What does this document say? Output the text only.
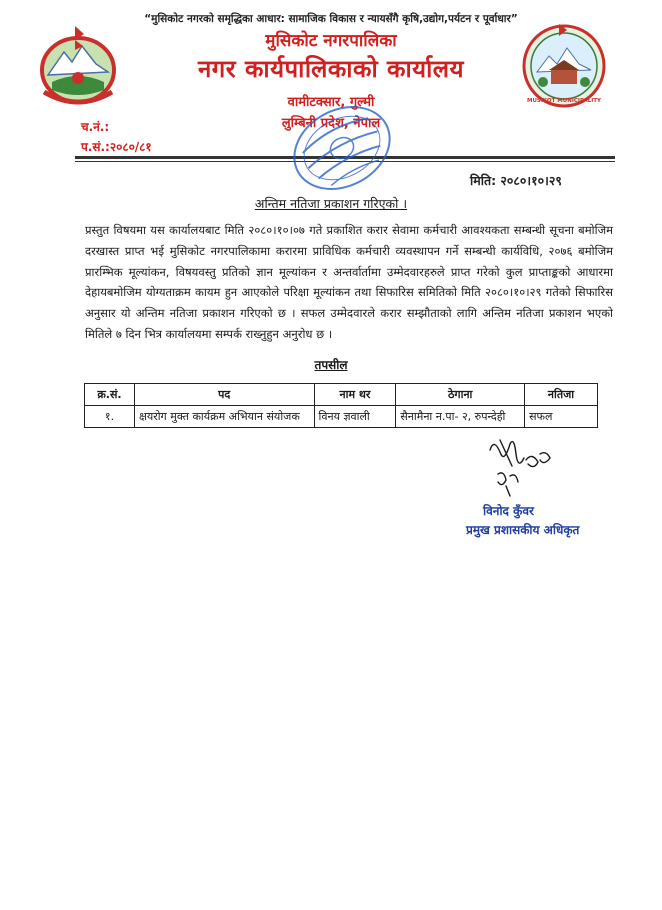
MUSIKOT MUNICIPALITY
“मुसिकोट नगरको समृद्धिका आधार: सामाजिक विकास र न्यायसँगै कृषि,उद्योग,पर्यटन र पूर्वाधार”
मुसिकोट नगरपालिका
नगर कार्यपालिकाको कार्यालय
वामीटक्सार, गुल्मी
लुम्बिनी प्रदेश, नेपाल
च.नं.:
प.सं.:२०८०/८१
मिति: २०८०।१०।२९
अन्तिम नतिजा प्रकाशन गरिएको ।
प्रस्तुत विषयमा यस कार्यालयबाट मिति २०८०।१०।०७ गते प्रकाशित करार सेवामा कर्मचारी आवश्यकता सम्बन्धी सूचना बमोजिम दरखास्त प्राप्त भई मुसिकोट नगरपालिकामा करारमा प्राविधिक कर्मचारी व्यवस्थापन गर्ने सम्बन्धी कार्यविधि, २०७६ बमोजिम प्रारम्भिक मूल्यांकन, विषयवस्तु प्रतिको ज्ञान मूल्यांकन र अन्तर्वार्तामा उम्मेदवारहरुले प्राप्त गरेको कुल प्राप्ताङ्कको आधारमा देहायबमोजिम योग्यताक्रम कायम हुन आएकोले परिक्षा मूल्यांकन तथा सिफारिस समितिको मिति २०८०।१०।२९ गतेको सिफारिस अनुसार यो अन्तिम नतिजा प्रकाशन गरिएको छ । सफल उम्मेदवारले करार सम्झौताको लागि अन्तिम नतिजा प्रकाशन भएको मितिले ७ दिन भित्र कार्यालयमा सम्पर्क राख्नुहुन अनुरोध छ ।
तपसील
क्र.सं.	पद	नाम थर	ठेगाना	नतिजा
१.	क्षयरोग मुक्त कार्यक्रम अभियान संयोजक	विनय ज्ञवाली	सैनामैना न.पा- २, रुपन्देही	सफल
विनोद कुँवर
प्रमुख प्रशासकीय अधिकृत
